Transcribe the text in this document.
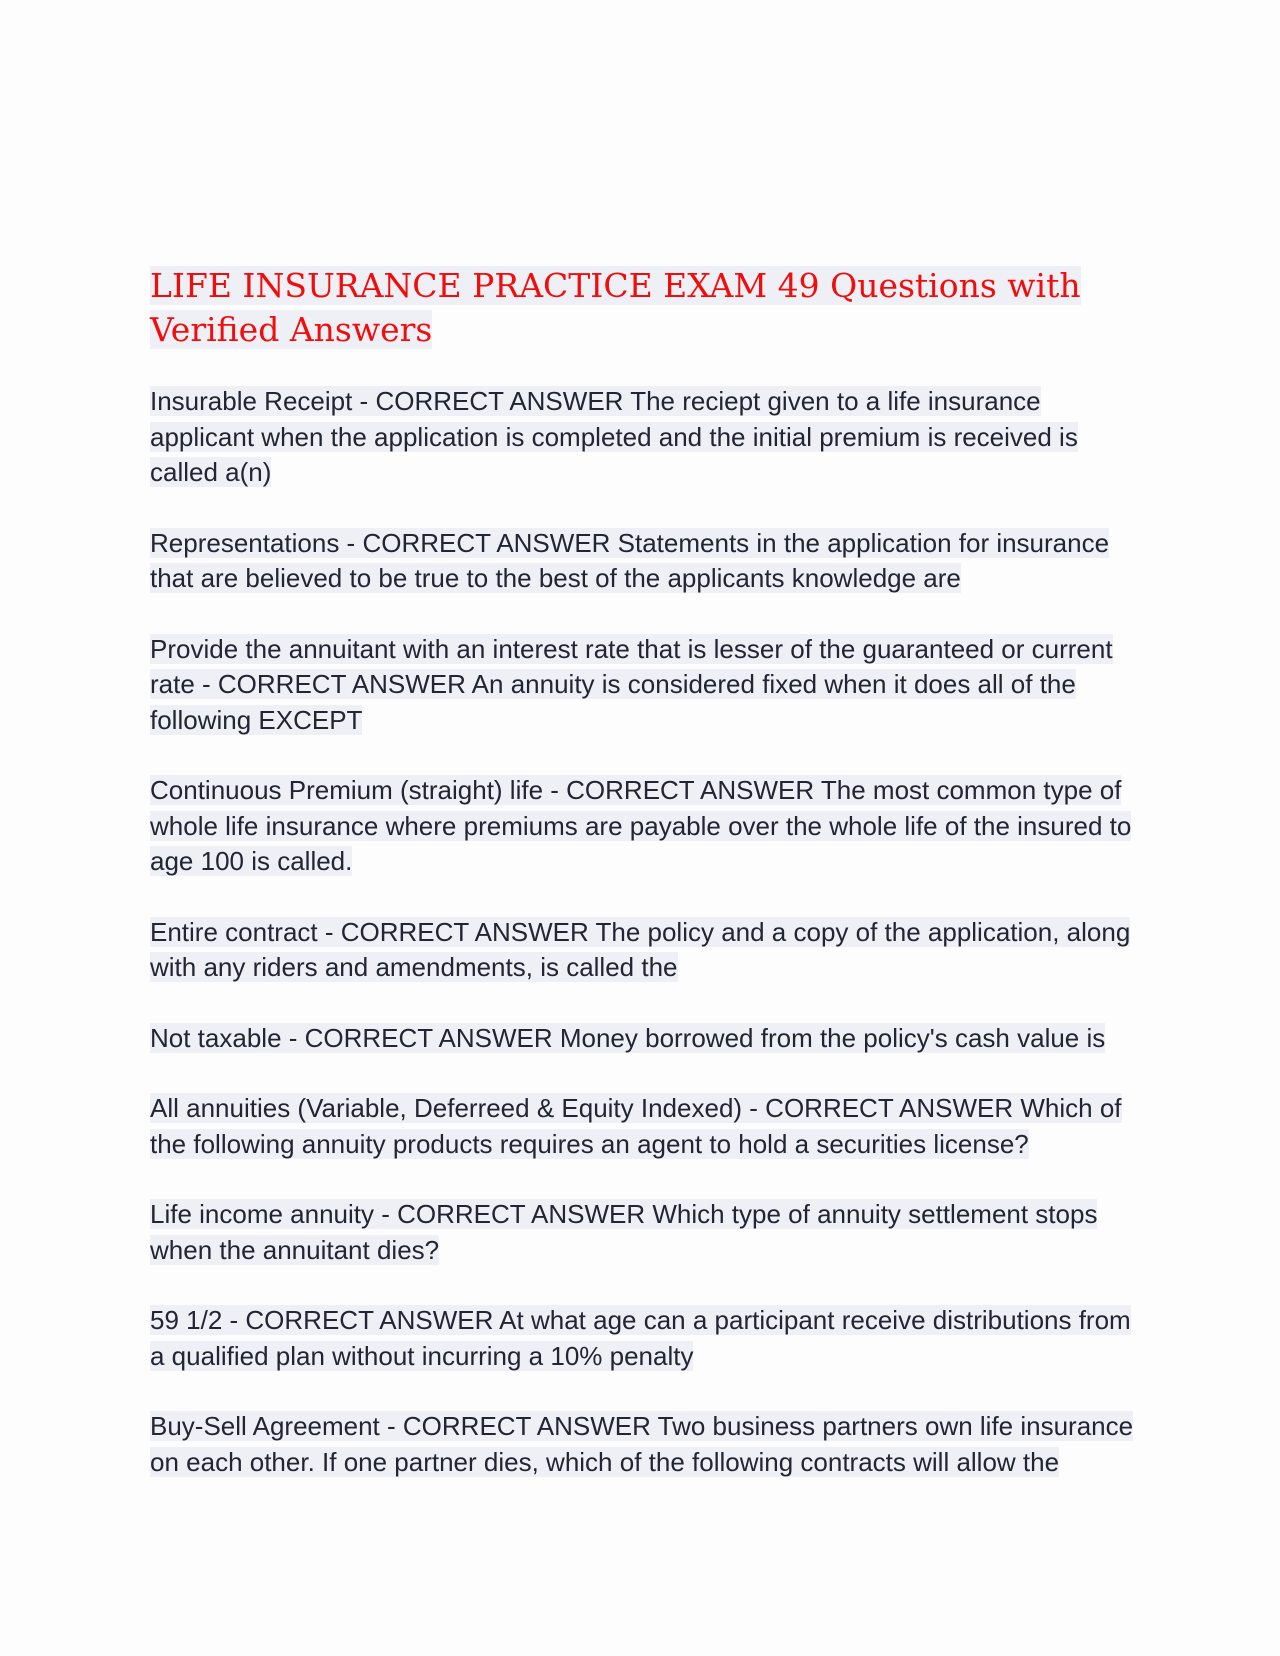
LIFE INSURANCE PRACTICE EXAM 49 Questions with Verified Answers

Insurable Receipt - CORRECT ANSWER The reciept given to a life insurance applicant when the application is completed and the initial premium is received is called a(n)

Representations - CORRECT ANSWER Statements in the application for insurance that are believed to be true to the best of the applicants knowledge are

Provide the annuitant with an interest rate that is lesser of the guaranteed or current rate - CORRECT ANSWER An annuity is considered fixed when it does all of the following EXCEPT

Continuous Premium (straight) life - CORRECT ANSWER The most common type of whole life insurance where premiums are payable over the whole life of the insured to age 100 is called.

Entire contract - CORRECT ANSWER The policy and a copy of the application, along with any riders and amendments, is called the

Not taxable - CORRECT ANSWER Money borrowed from the policy's cash value is

All annuities (Variable, Deferreed & Equity Indexed) - CORRECT ANSWER Which of the following annuity products requires an agent to hold a securities license?

Life income annuity - CORRECT ANSWER Which type of annuity settlement stops when the annuitant dies?

59 1/2 - CORRECT ANSWER At what age can a participant receive distributions from a qualified plan without incurring a 10% penalty

Buy-Sell Agreement - CORRECT ANSWER Two business partners own life insurance on each other. If one partner dies, which of the following contracts will allow the
